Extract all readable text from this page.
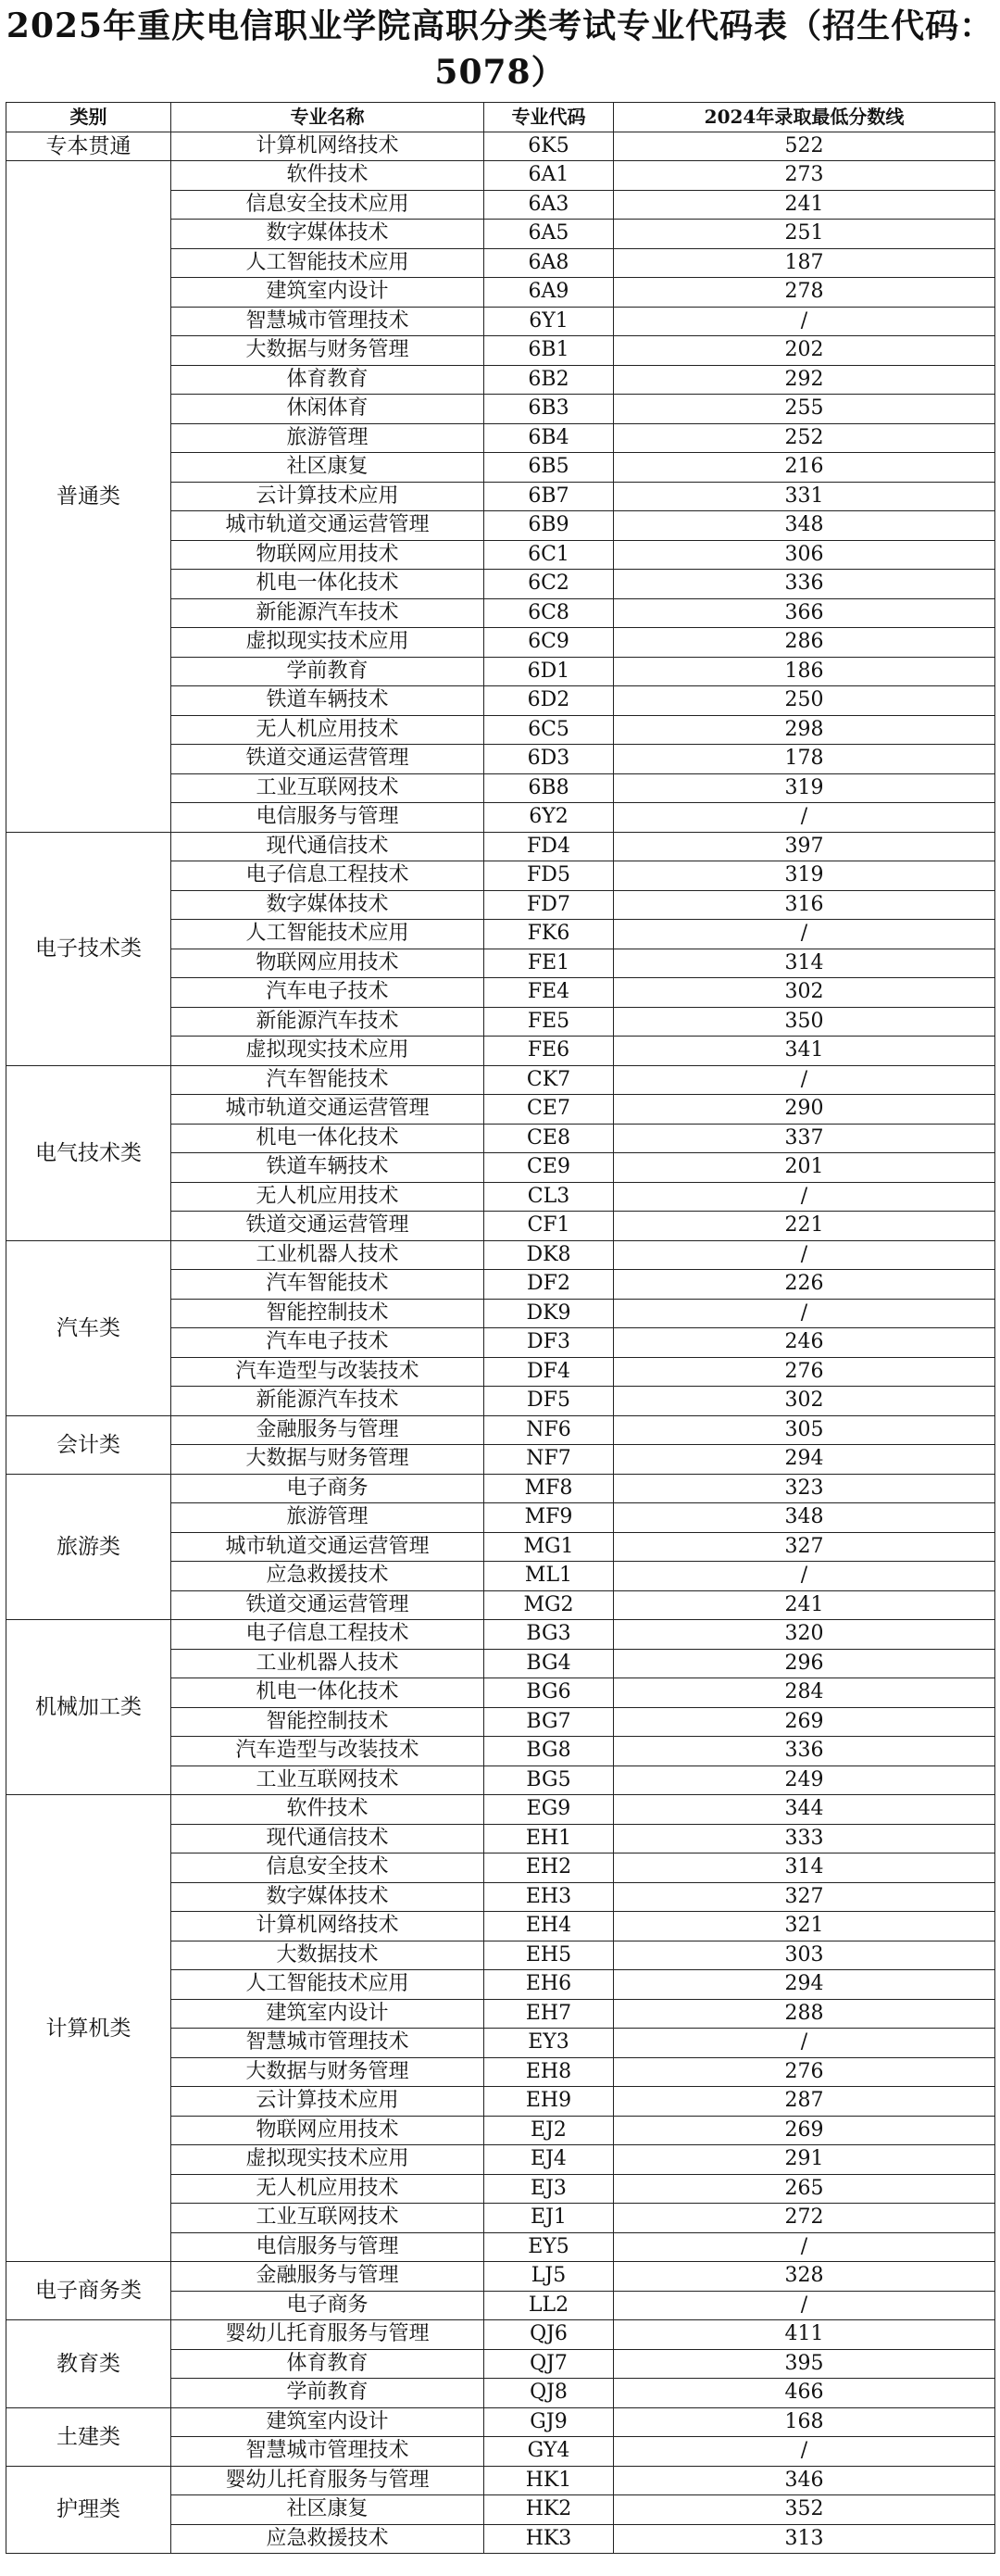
2025年重庆电信职业学院高职分类考试专业代码表（招生代码：5078）
类别	专业名称	专业代码	2024年录取最低分数线
专本贯通	计算机网络技术	6K5	522
普通类	软件技术	6A1	273
	信息安全技术应用	6A3	241
	数字媒体技术	6A5	251
	人工智能技术应用	6A8	187
	建筑室内设计	6A9	278
	智慧城市管理技术	6Y1	/
	大数据与财务管理	6B1	202
	体育教育	6B2	292
	休闲体育	6B3	255
	旅游管理	6B4	252
	社区康复	6B5	216
	云计算技术应用	6B7	331
	城市轨道交通运营管理	6B9	348
	物联网应用技术	6C1	306
	机电一体化技术	6C2	336
	新能源汽车技术	6C8	366
	虚拟现实技术应用	6C9	286
	学前教育	6D1	186
	铁道车辆技术	6D2	250
	无人机应用技术	6C5	298
	铁道交通运营管理	6D3	178
	工业互联网技术	6B8	319
	电信服务与管理	6Y2	/
电子技术类	现代通信技术	FD4	397
	电子信息工程技术	FD5	319
	数字媒体技术	FD7	316
	人工智能技术应用	FK6	/
	物联网应用技术	FE1	314
	汽车电子技术	FE4	302
	新能源汽车技术	FE5	350
	虚拟现实技术应用	FE6	341
电气技术类	汽车智能技术	CK7	/
	城市轨道交通运营管理	CE7	290
	机电一体化技术	CE8	337
	铁道车辆技术	CE9	201
	无人机应用技术	CL3	/
	铁道交通运营管理	CF1	221
汽车类	工业机器人技术	DK8	/
	汽车智能技术	DF2	226
	智能控制技术	DK9	/
	汽车电子技术	DF3	246
	汽车造型与改装技术	DF4	276
	新能源汽车技术	DF5	302
会计类	金融服务与管理	NF6	305
	大数据与财务管理	NF7	294
旅游类	电子商务	MF8	323
	旅游管理	MF9	348
	城市轨道交通运营管理	MG1	327
	应急救援技术	ML1	/
	铁道交通运营管理	MG2	241
机械加工类	电子信息工程技术	BG3	320
	工业机器人技术	BG4	296
	机电一体化技术	BG6	284
	智能控制技术	BG7	269
	汽车造型与改装技术	BG8	336
	工业互联网技术	BG5	249
计算机类	软件技术	EG9	344
	现代通信技术	EH1	333
	信息安全技术	EH2	314
	数字媒体技术	EH3	327
	计算机网络技术	EH4	321
	大数据技术	EH5	303
	人工智能技术应用	EH6	294
	建筑室内设计	EH7	288
	智慧城市管理技术	EY3	/
	大数据与财务管理	EH8	276
	云计算技术应用	EH9	287
	物联网应用技术	EJ2	269
	虚拟现实技术应用	EJ4	291
	无人机应用技术	EJ3	265
	工业互联网技术	EJ1	272
	电信服务与管理	EY5	/
电子商务类	金融服务与管理	LJ5	328
	电子商务	LL2	/
教育类	婴幼儿托育服务与管理	QJ6	411
	体育教育	QJ7	395
	学前教育	QJ8	466
土建类	建筑室内设计	GJ9	168
	智慧城市管理技术	GY4	/
护理类	婴幼儿托育服务与管理	HK1	346
	社区康复	HK2	352
	应急救援技术	HK3	313
